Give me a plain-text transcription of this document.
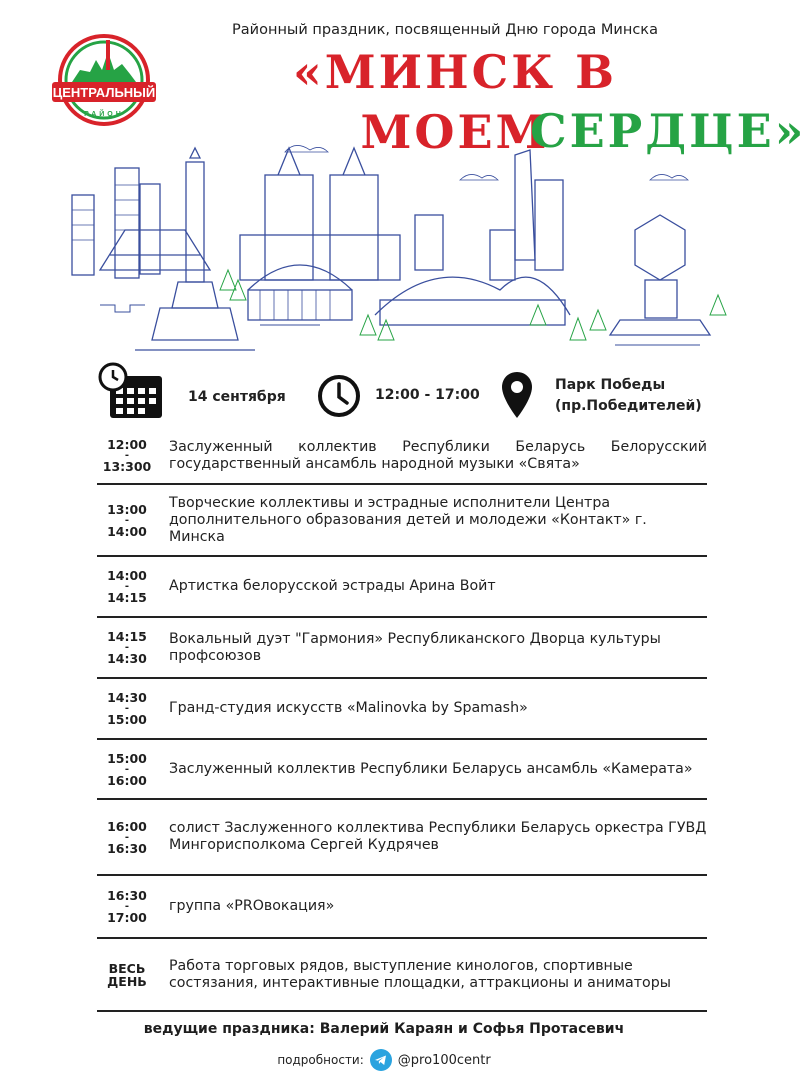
ЦЕНТРАЛЬНЫЙ
РАЙОН
Районный праздник, посвященный Дню города Минска
«МИНСК В МОЕМ
СЕРДЦЕ»
14 сентября	12:00 - 17:00
Парк Победы
(пр.Победителей)
12:00
-
13:300
Заслуженный коллектив Республики Беларусь Белорусский государственный ансамбль народной музыки «Свята»
13:00
-
14:00
Творческие коллективы и эстрадные исполнители Центра дополнительного образования детей и молодежи «Контакт» г. Минска
14:00
-
14:15
Артистка белорусской эстрады Арина Войт
14:15
-
14:30
Вокальный дуэт "Гармония» Республиканского Дворца культуры профсоюзов
14:30
-
15:00
Гранд-студия искусств «Malinovka by Spamash»
15:00
-
16:00
Заслуженный коллектив Республики Беларусь ансамбль «Камерата»
16:00
-
16:30
солист Заслуженного коллектива Республики Беларусь оркестра ГУВД Мингорисполкома Сергей Кудрячев
16:30
-
17:00
группа «PROвокация»
ВЕСЬ
ДЕНЬ
Работа торговых рядов, выступление кинологов, спортивные состязания, интерактивные площадки, аттракционы и аниматоры
ведущие праздника: Валерий Караян и Софья Протасевич
подробности:	@pro100centr
